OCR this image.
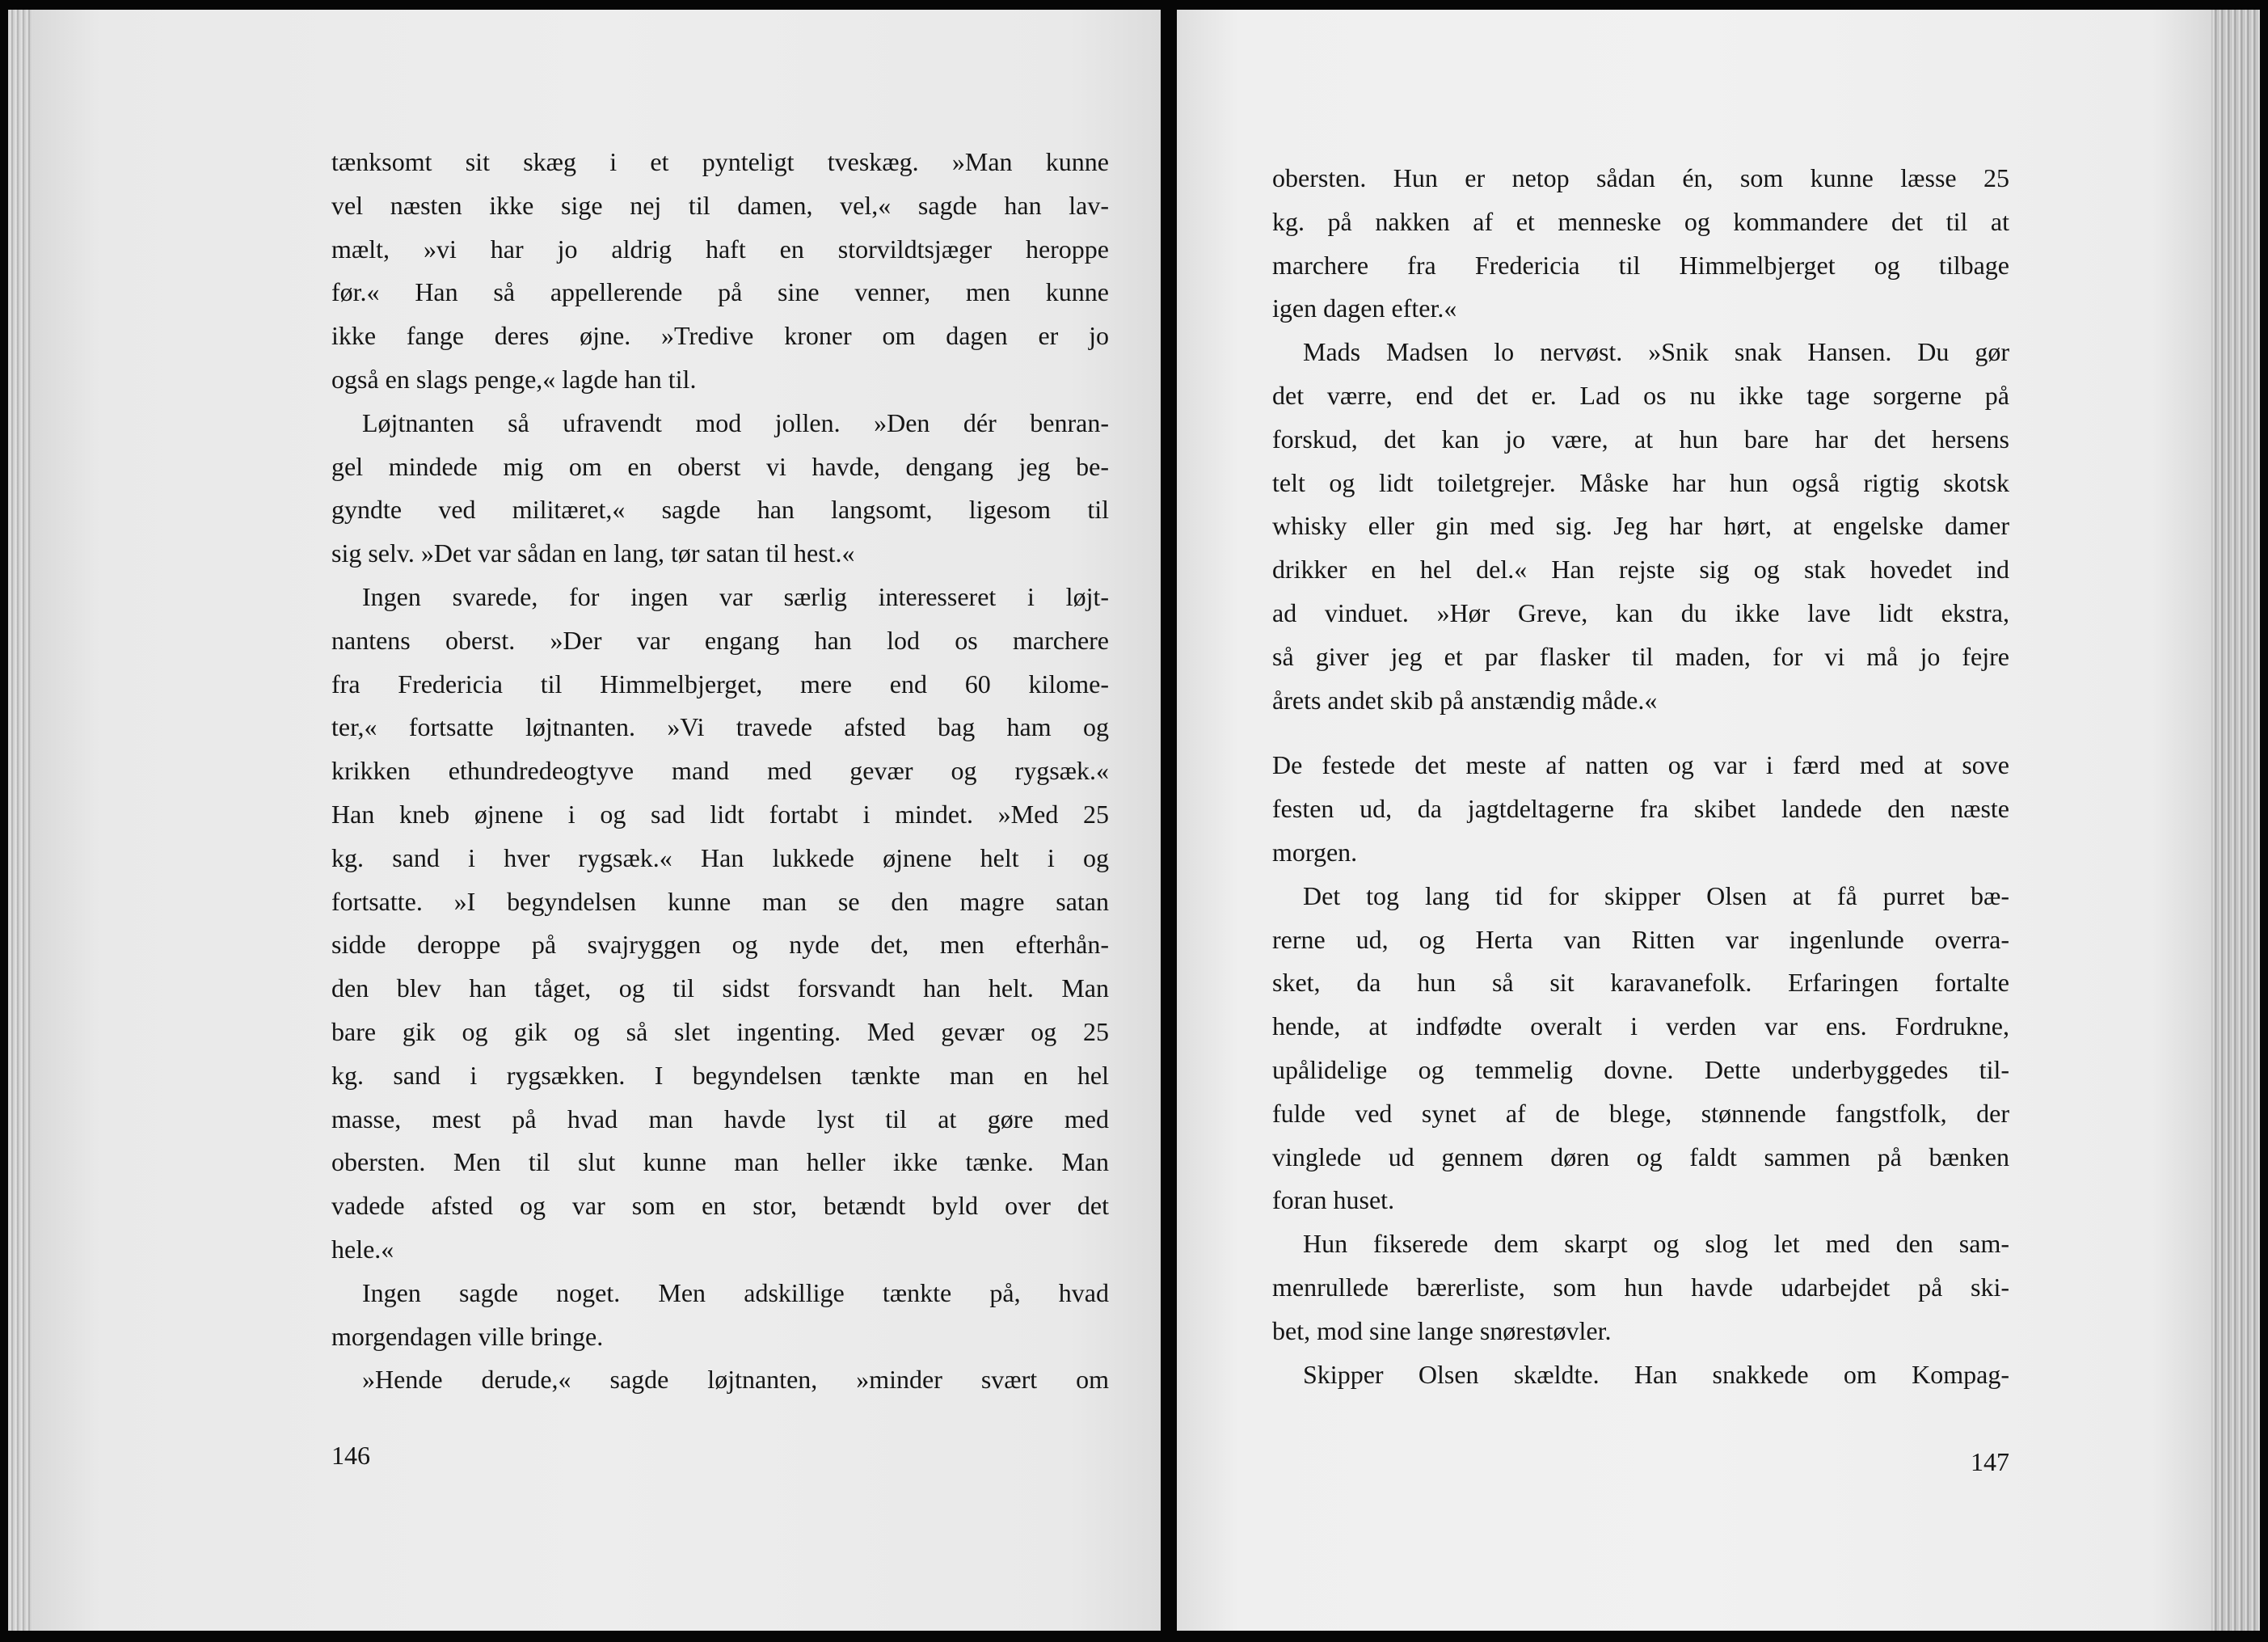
tænksomt sit skæg i et pynteligt tveskæg. »Man kunne
vel næsten ikke sige nej til damen, vel,« sagde han lav-
mælt, »vi har jo aldrig haft en storvildtsjæger heroppe
før.« Han så appellerende på sine venner, men kunne
ikke fange deres øjne. »Tredive kroner om dagen er jo
også en slags penge,« lagde han til.
Løjtnanten så ufravendt mod jollen. »Den dér benran-
gel mindede mig om en oberst vi havde, dengang jeg be-
gyndte ved militæret,« sagde han langsomt, ligesom til
sig selv. »Det var sådan en lang, tør satan til hest.«
Ingen svarede, for ingen var særlig interesseret i løjt-
nantens oberst. »Der var engang han lod os marchere
fra Fredericia til Himmelbjerget, mere end 60 kilome-
ter,« fortsatte løjtnanten. »Vi travede afsted bag ham og
krikken ethundredeogtyve mand med gevær og rygsæk.«
Han kneb øjnene i og sad lidt fortabt i mindet. »Med 25
kg. sand i hver rygsæk.« Han lukkede øjnene helt i og
fortsatte. »I begyndelsen kunne man se den magre satan
sidde deroppe på svajryggen og nyde det, men efterhån-
den blev han tåget, og til sidst forsvandt han helt. Man
bare gik og gik og så slet ingenting. Med gevær og 25
kg. sand i rygsækken. I begyndelsen tænkte man en hel
masse, mest på hvad man havde lyst til at gøre med
obersten. Men til slut kunne man heller ikke tænke. Man
vadede afsted og var som en stor, betændt byld over det
hele.«
Ingen sagde noget. Men adskillige tænkte på, hvad
morgendagen ville bringe.
»Hende derude,« sagde løjtnanten, »minder svært om
146
obersten. Hun er netop sådan én, som kunne læsse 25
kg. på nakken af et menneske og kommandere det til at
marchere fra Fredericia til Himmelbjerget og tilbage
igen dagen efter.«
Mads Madsen lo nervøst. »Snik snak Hansen. Du gør
det værre, end det er. Lad os nu ikke tage sorgerne på
forskud, det kan jo være, at hun bare har det hersens
telt og lidt toiletgrejer. Måske har hun også rigtig skotsk
whisky eller gin med sig. Jeg har hørt, at engelske damer
drikker en hel del.« Han rejste sig og stak hovedet ind
ad vinduet. »Hør Greve, kan du ikke lave lidt ekstra,
så giver jeg et par flasker til maden, for vi må jo fejre
årets andet skib på anstændig måde.«
De festede det meste af natten og var i færd med at sove
festen ud, da jagtdeltagerne fra skibet landede den næste
morgen.
Det tog lang tid for skipper Olsen at få purret bæ-
rerne ud, og Herta van Ritten var ingenlunde overra-
sket, da hun så sit karavanefolk. Erfaringen fortalte
hende, at indfødte overalt i verden var ens. Fordrukne,
upålidelige og temmelig dovne. Dette underbyggedes til-
fulde ved synet af de blege, stønnende fangstfolk, der
vinglede ud gennem døren og faldt sammen på bænken
foran huset.
Hun fikserede dem skarpt og slog let med den sam-
menrullede bærerliste, som hun havde udarbejdet på ski-
bet, mod sine lange snørestøvler.
Skipper Olsen skældte. Han snakkede om Kompag-
147
